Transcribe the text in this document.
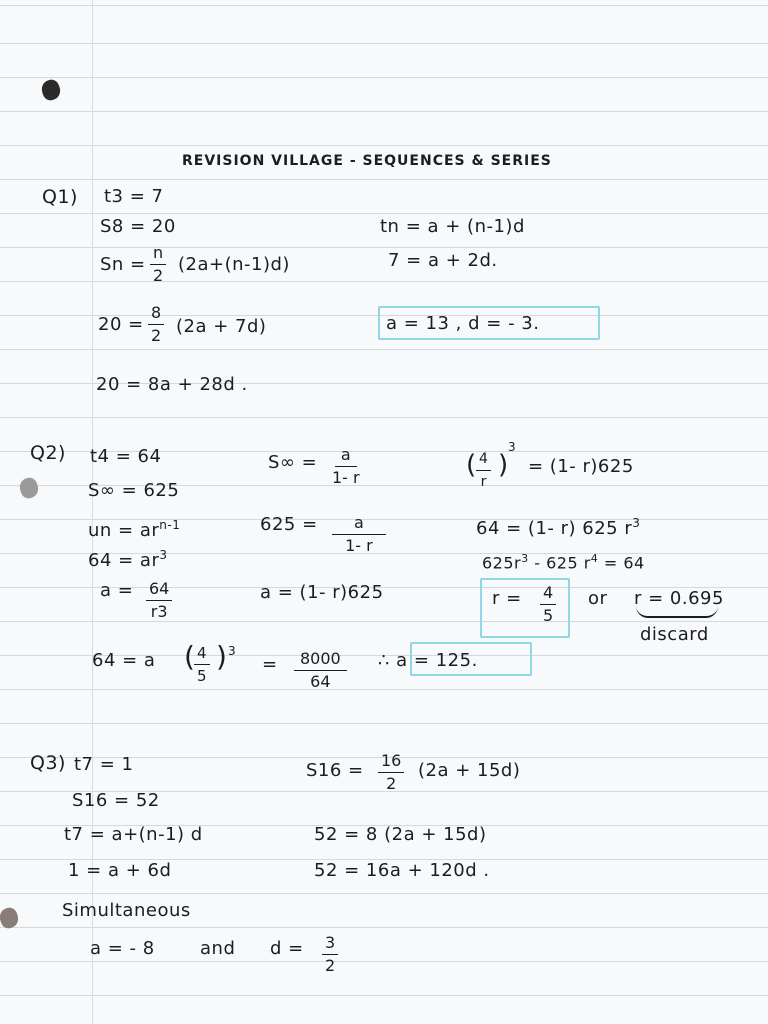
REVISION VILLAGE - SEQUENCES & SERIES
Q1) t3 = 7
S8 = 20
$Sn = \frac{n}{2} (2a+(n-1)d)$
tn = a + (n-1)d
7 = a + 2d.
$20 = \frac{8}{2} (2a + 7d)$	a = 13 , d = - 3.
20 = 8a + 28d .
Q2) t4 = 64
S∞ = 625
un = $ar^{n-1}$
$64 = ar^3$
$a = \frac{64}{r3}$
$S\infty = \frac{a}{1- r}$
$625 = \frac{a}{1- r}$
a = (1- r)625
( $\frac{4}{r}$ )
3
= (1- r)625
64 = (1- r) 625 $r^3$
$625r^3 - 625$ $r^4 = 64$
$r = \frac{4}{5}$ or r = 0.695
discard
64 = a (
$\frac{4}{5}$ ) 3
= $\frac{8000}{64}$ ∴ a = 125.
Q3) t7 = 1
S16 = 52
t7 = a+(n-1) d
1 = a + 6d
$S16 = \frac{16}{2} (2a + 15d)$
52 = 8 (2a + 15d)
52 = 16a + 120d .
Simultaneous
a = - 8	and $d = \frac{3}{2}$
